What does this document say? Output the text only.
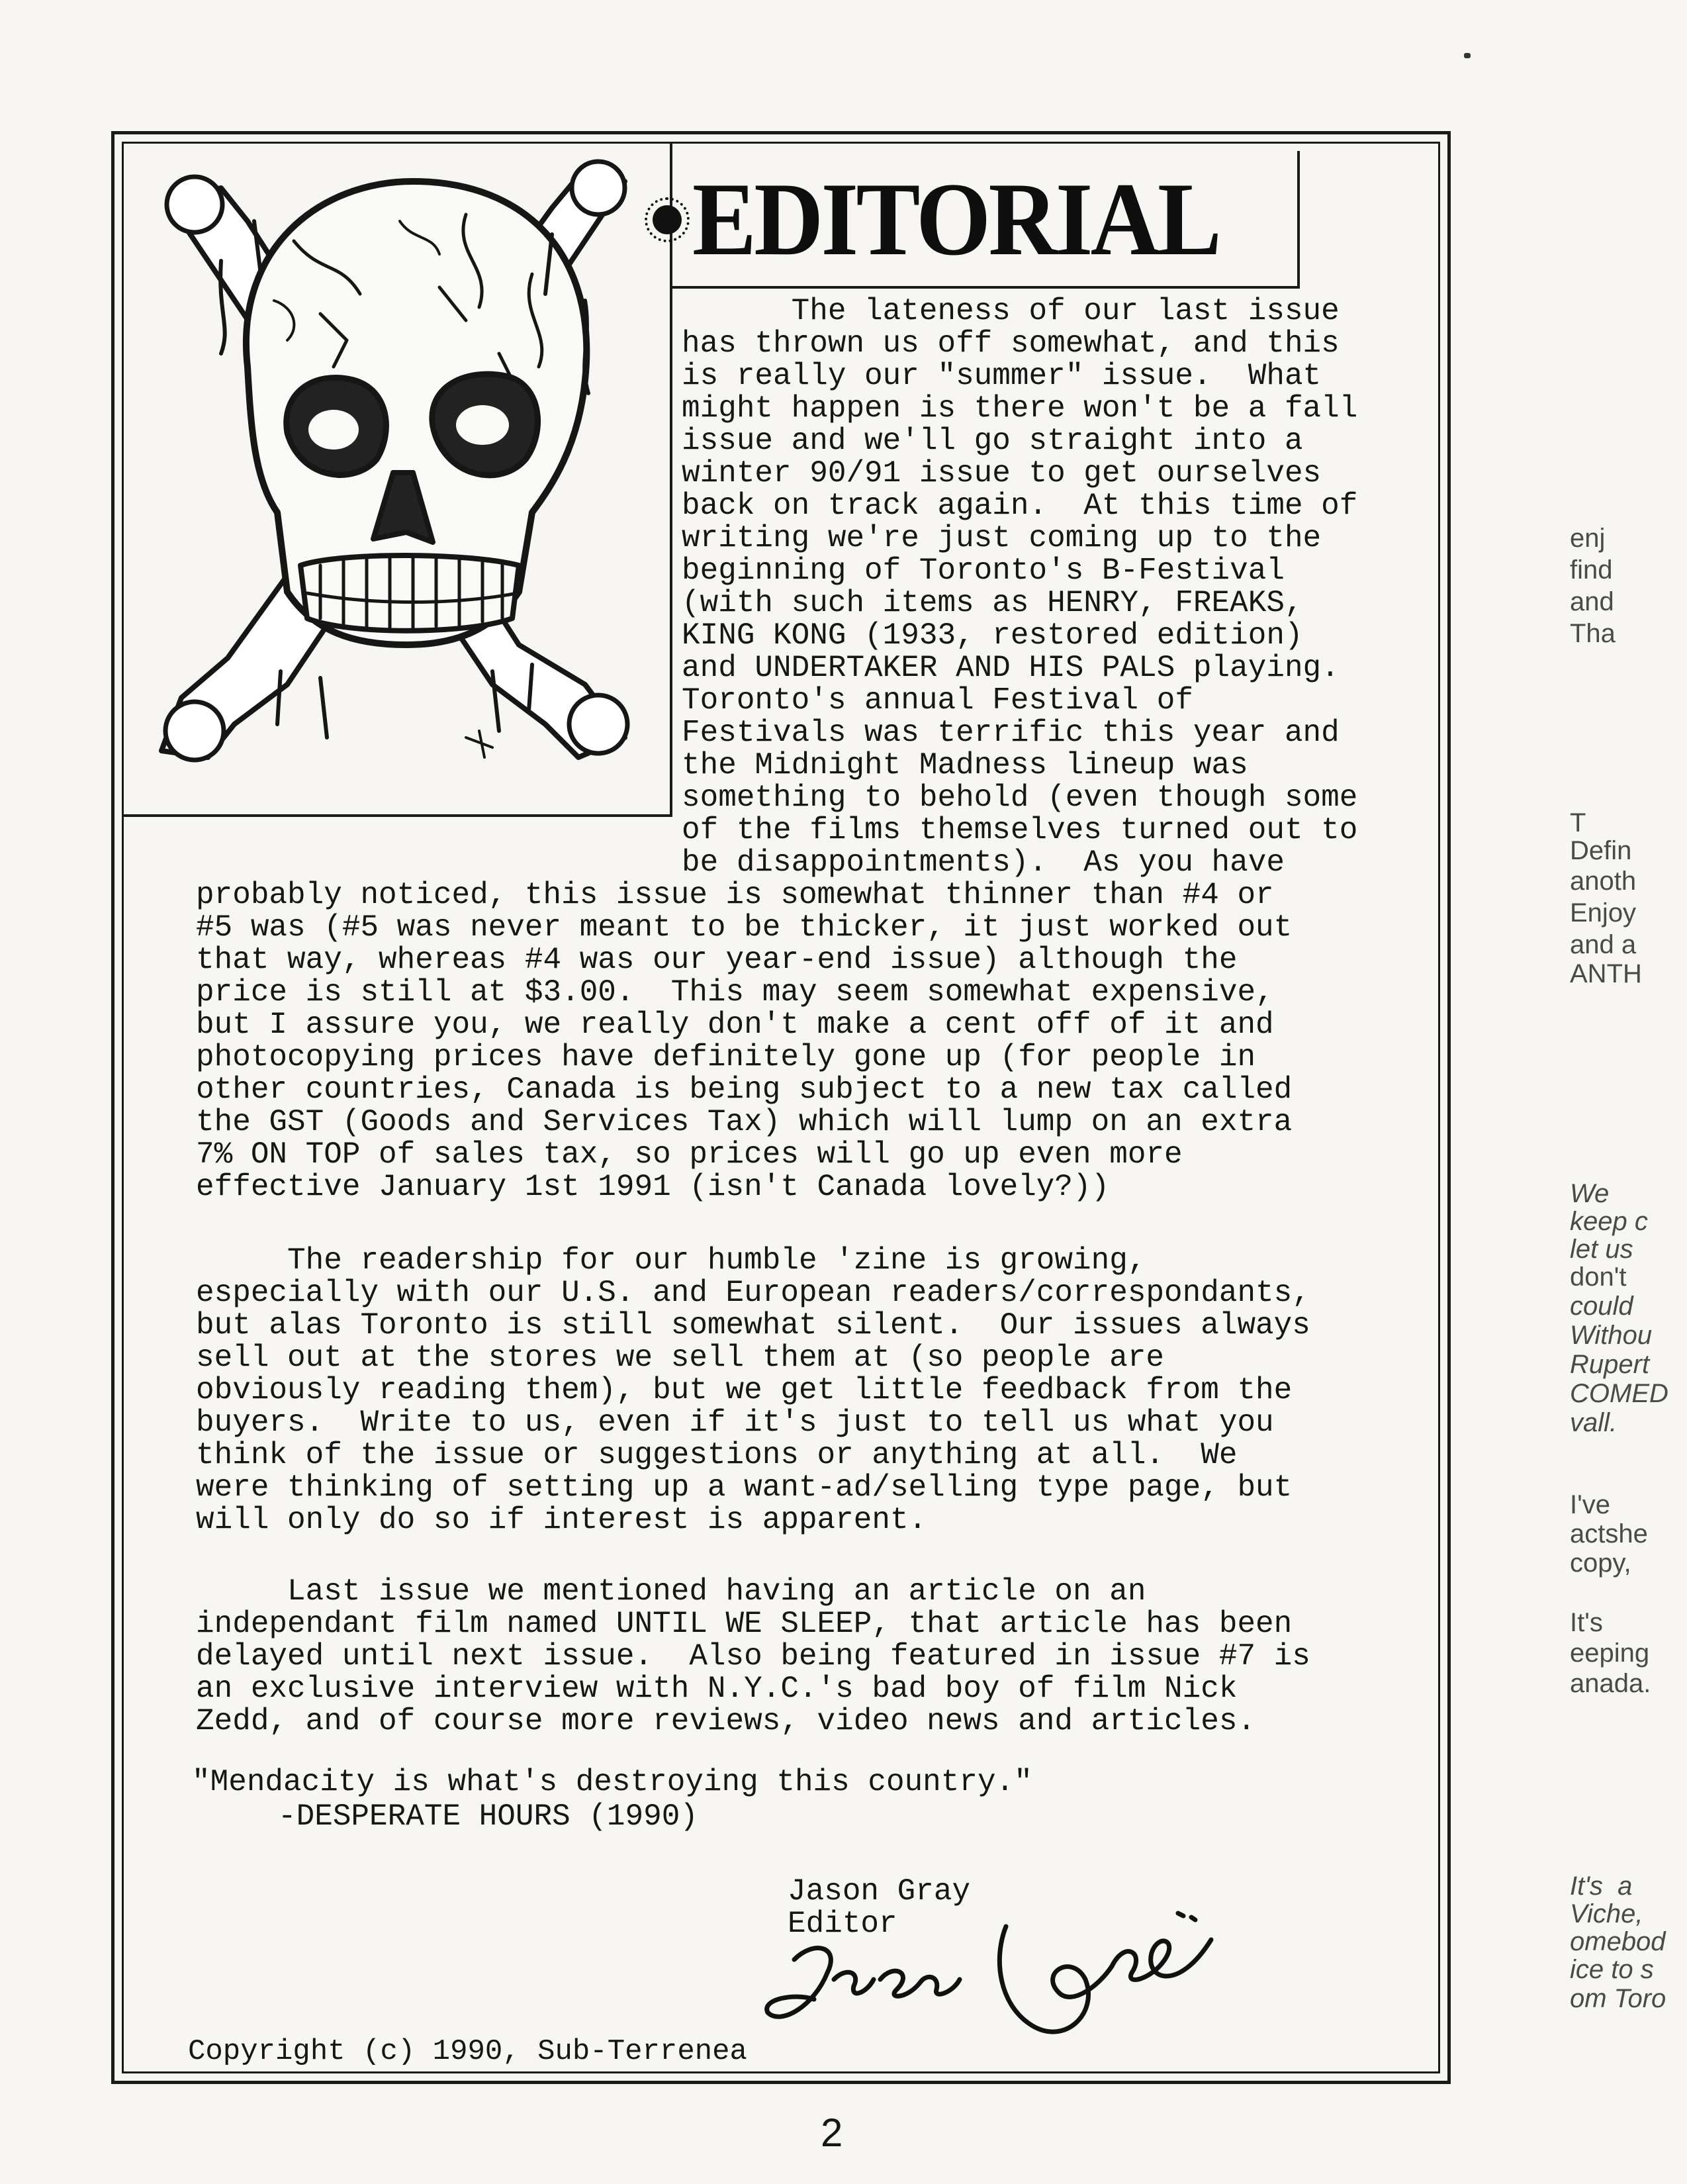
EDITORIAL
The lateness of our last issue
has thrown us off somewhat, and this
is really our "summer" issue.  What
might happen is there won't be a fall
issue and we'll go straight into a
winter 90/91 issue to get ourselves
back on track again.  At this time of
writing we're just coming up to the
beginning of Toronto's B-Festival
(with such items as HENRY, FREAKS,
KING KONG (1933, restored edition)
and UNDERTAKER AND HIS PALS playing.
Toronto's annual Festival of
Festivals was terrific this year and
the Midnight Madness lineup was
something to behold (even though some
of the films themselves turned out to
be disappointments).  As you have
probably noticed, this issue is somewhat thinner than #4 or
#5 was (#5 was never meant to be thicker, it just worked out
that way, whereas #4 was our year-end issue) although the
price is still at $3.00.  This may seem somewhat expensive,
but I assure you, we really don't make a cent off of it and
photocopying prices have definitely gone up (for people in
other countries, Canada is being subject to a new tax called
the GST (Goods and Services Tax) which will lump on an extra
7% ON TOP of sales tax, so prices will go up even more
effective January 1st 1991 (isn't Canada lovely?))
The readership for our humble 'zine is growing,
especially with our U.S. and European readers/correspondants,
but alas Toronto is still somewhat silent.  Our issues always
sell out at the stores we sell them at (so people are
obviously reading them), but we get little feedback from the
buyers.  Write to us, even if it's just to tell us what you
think of the issue or suggestions or anything at all.  We
were thinking of setting up a want-ad/selling type page, but
will only do so if interest is apparent.
Last issue we mentioned having an article on an
independant film named UNTIL WE SLEEP, that article has been
delayed until next issue.  Also being featured in issue #7 is
an exclusive interview with N.Y.C.'s bad boy of film Nick
Zedd, and of course more reviews, video news and articles.
"Mendacity is what's destroying this country."
-DESPERATE HOURS (1990)
Jason Gray
Editor
Copyright (c) 1990, Sub-Terrenea
2
enj
find
and
Tha
T
Defin
anoth
Enjoy
and a
ANTH
We
keep c
let us
don't
could
Withou
Rupert
COMED
vall.
I've
actshe
copy,
It's
eeping
anada.
It's  a
Viche,
omebod
ice to s
om Toro
